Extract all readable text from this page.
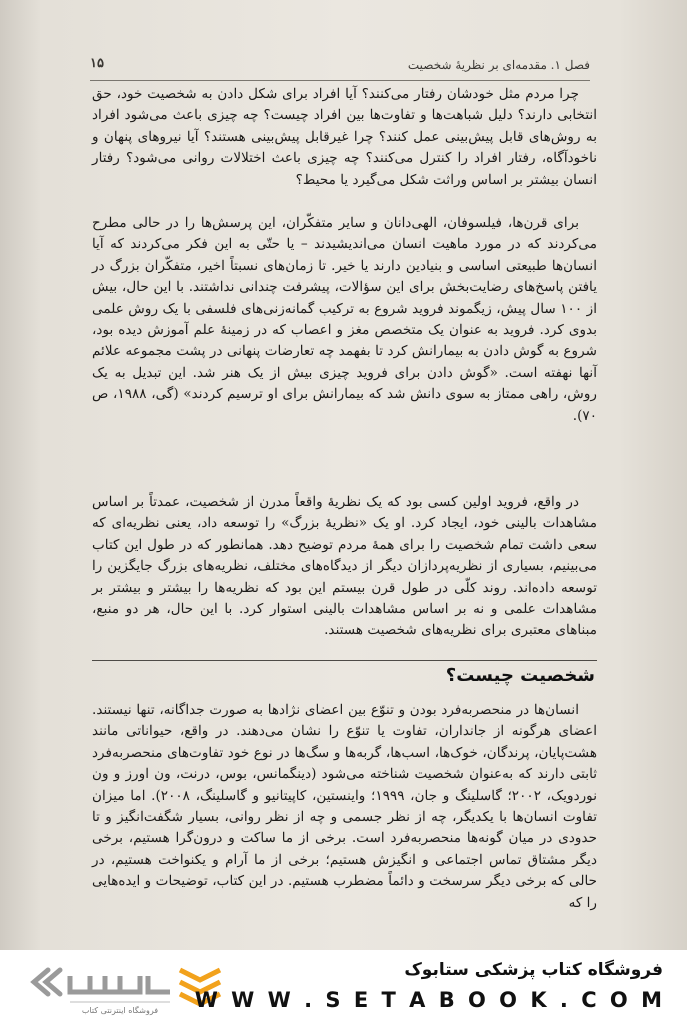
فصل ۱. مقدمه‌ای بر نظریهٔ شخصیت
۱۵

چرا مردم مثل خودشان رفتار می‌کنند؟ آیا افراد برای شکل دادن به شخصیت خود، حق انتخابی دارند؟ دلیل شباهت‌ها و تفاوت‌ها بین افراد چیست؟ چه چیزی باعث می‌شود افراد به روش‌های قابل پیش‌بینی عمل کنند؟ چرا غیرقابل پیش‌بینی هستند؟ آیا نیروهای پنهان و ناخودآگاه، رفتار افراد را کنترل می‌کنند؟ چه چیزی باعث اختلالات روانی می‌شود؟ رفتار انسان بیشتر بر اساس وراثت شکل می‌گیرد یا محیط؟

برای قرن‌ها، فیلسوفان، الهی‌دانان و سایر متفکّران، این پرسش‌ها را در حالی مطرح می‌کردند که در مورد ماهیت انسان می‌اندیشیدند – یا حتّی به این فکر می‌کردند که آیا انسان‌ها طبیعتی اساسی و بنیادین دارند یا خیر. تا زمان‌های نسبتاً اخیر، متفکّران بزرگ در یافتن پاسخ‌های رضایت‌بخش برای این سؤالات، پیشرفت چندانی نداشتند. با این حال، بیش از ۱۰۰ سال پیش، زیگموند فروید شروع به ترکیب گمانه‌زنی‌های فلسفی با یک روش علمی بدوی کرد. فروید به عنوان یک متخصص مغز و اعصاب که در زمینهٔ علم آموزش دیده بود، شروع به گوش دادن به بیمارانش کرد تا بفهمد چه تعارضات پنهانی در پشت مجموعه علائم آنها نهفته است. «گوش دادن برای فروید چیزی بیش از یک هنر شد. این تبدیل به یک روش، راهی ممتاز به سوی دانش شد که بیمارانش برای او ترسیم کردند» (گی، ۱۹۸۸، ص ۷۰).

در واقع، فروید اولین کسی بود که یک نظریهٔ واقعاً مدرن از شخصیت، عمدتاً بر اساس مشاهدات بالینی خود، ایجاد کرد. او یک «نظریهٔ بزرگ» را توسعه داد، یعنی نظریه‌ای که سعی داشت تمام شخصیت را برای همهٔ مردم توضیح دهد. همانطور که در طول این کتاب می‌بینیم، بسیاری از نظریه‌پردازان دیگر از دیدگاه‌های مختلف، نظریه‌های بزرگ جایگزین را توسعه داده‌اند. روند کلّی در طول قرن بیستم این بود که نظریه‌ها را بیشتر و بیشتر بر مشاهدات علمی و نه بر اساس مشاهدات بالینی استوار کرد. با این حال، هر دو منبع، مبناهای معتبری برای نظریه‌های شخصیت هستند.

شخصیت چیست؟

انسان‌ها در منحصربه‌فرد بودن و تنوّع بین اعضای نژادها به صورت جداگانه، تنها نیستند. اعضای هرگونه از جانداران، تفاوت یا تنوّع را نشان می‌دهند. در واقع، حیواناتی مانند هشت‌پایان، پرندگان، خوک‌ها، اسب‌ها، گربه‌ها و سگ‌ها در نوع خود تفاوت‌های منحصربه‌فرد ثابتی دارند که به‌عنوان شخصیت شناخته می‌شود (دینگمانس، بوس، درنت، ون اورز و ون نوردویک، ۲۰۰۲؛ گاسلینگ و جان، ۱۹۹۹؛ واینستین، کاپیتانیو و گاسلینگ، ۲۰۰۸). اما میزان تفاوت انسان‌ها با یکدیگر، چه از نظر جسمی و چه از نظر روانی، بسیار شگفت‌انگیز و تا حدودی در میان گونه‌ها منحصربه‌فرد است. برخی از ما ساکت و درون‌گرا هستیم، برخی دیگر مشتاق تماس اجتماعی و انگیزش هستیم؛ برخی از ما آرام و یکنواخت هستیم، در حالی که برخی دیگر سرسخت و دائماً مضطرب هستیم. در این کتاب، توضیحات و ایده‌هایی را که

فروشگاه اینترنتی کتاب
فروشگاه کتاب پزشکی ستابوک
W W W . S E T A B O O K . C O M
